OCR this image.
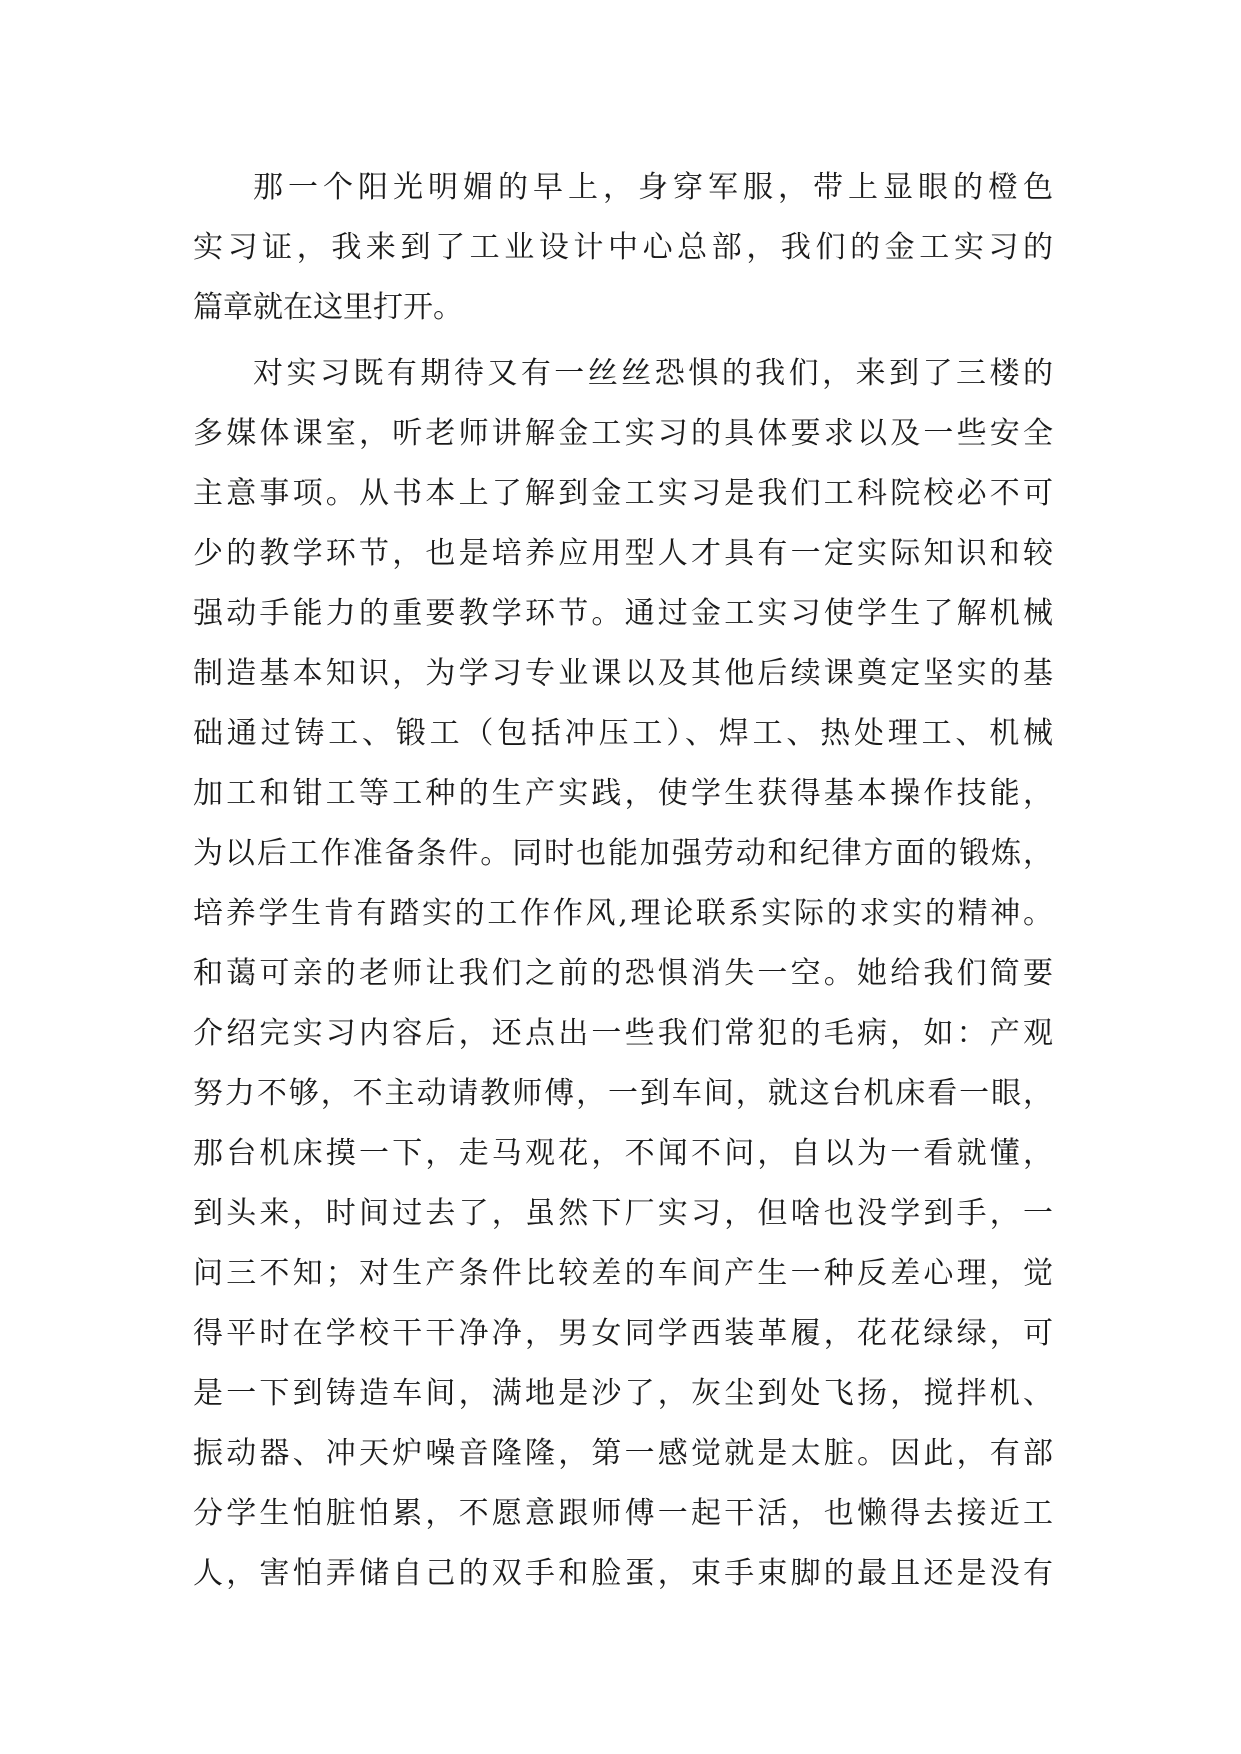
那一个阳光明媚的早上，身穿军服，带上显眼的橙色
实习证，我来到了工业设计中心总部，我们的金工实习的
篇章就在这里打开。
对实习既有期待又有一丝丝恐惧的我们，来到了三楼的
多媒体课室，听老师讲解金工实习的具体要求以及一些安全
主意事项。从书本上了解到金工实习是我们工科院校必不可
少的教学环节，也是培养应用型人才具有一定实际知识和较
强动手能力的重要教学环节。通过金工实习使学生了解机械
制造基本知识，为学习专业课以及其他后续课奠定坚实的基
础通过铸工、锻工（包括冲压工）、焊工、热处理工、机械
加工和钳工等工种的生产实践，使学生获得基本操作技能，
为以后工作准备条件。同时也能加强劳动和纪律方面的锻炼，
培养学生肯有踏实的工作作风,理论联系实际的求实的精神。
和蔼可亲的老师让我们之前的恐惧消失一空。她给我们简要
介绍完实习内容后，还点出一些我们常犯的毛病，如：产观
努力不够，不主动请教师傅，一到车间，就这台机床看一眼，
那台机床摸一下，走马观花，不闻不问，自以为一看就懂，
到头来，时间过去了，虽然下厂实习，但啥也没学到手，一
问三不知；对生产条件比较差的车间产生一种反差心理，觉
得平时在学校干干净净，男女同学西装革履，花花绿绿，可
是一下到铸造车间，满地是沙了，灰尘到处飞扬，搅拌机、
振动器、冲天炉噪音隆隆，第一感觉就是太脏。因此，有部
分学生怕脏怕累，不愿意跟师傅一起干活，也懒得去接近工
人，害怕弄储自己的双手和脸蛋，束手束脚的最且还是没有
